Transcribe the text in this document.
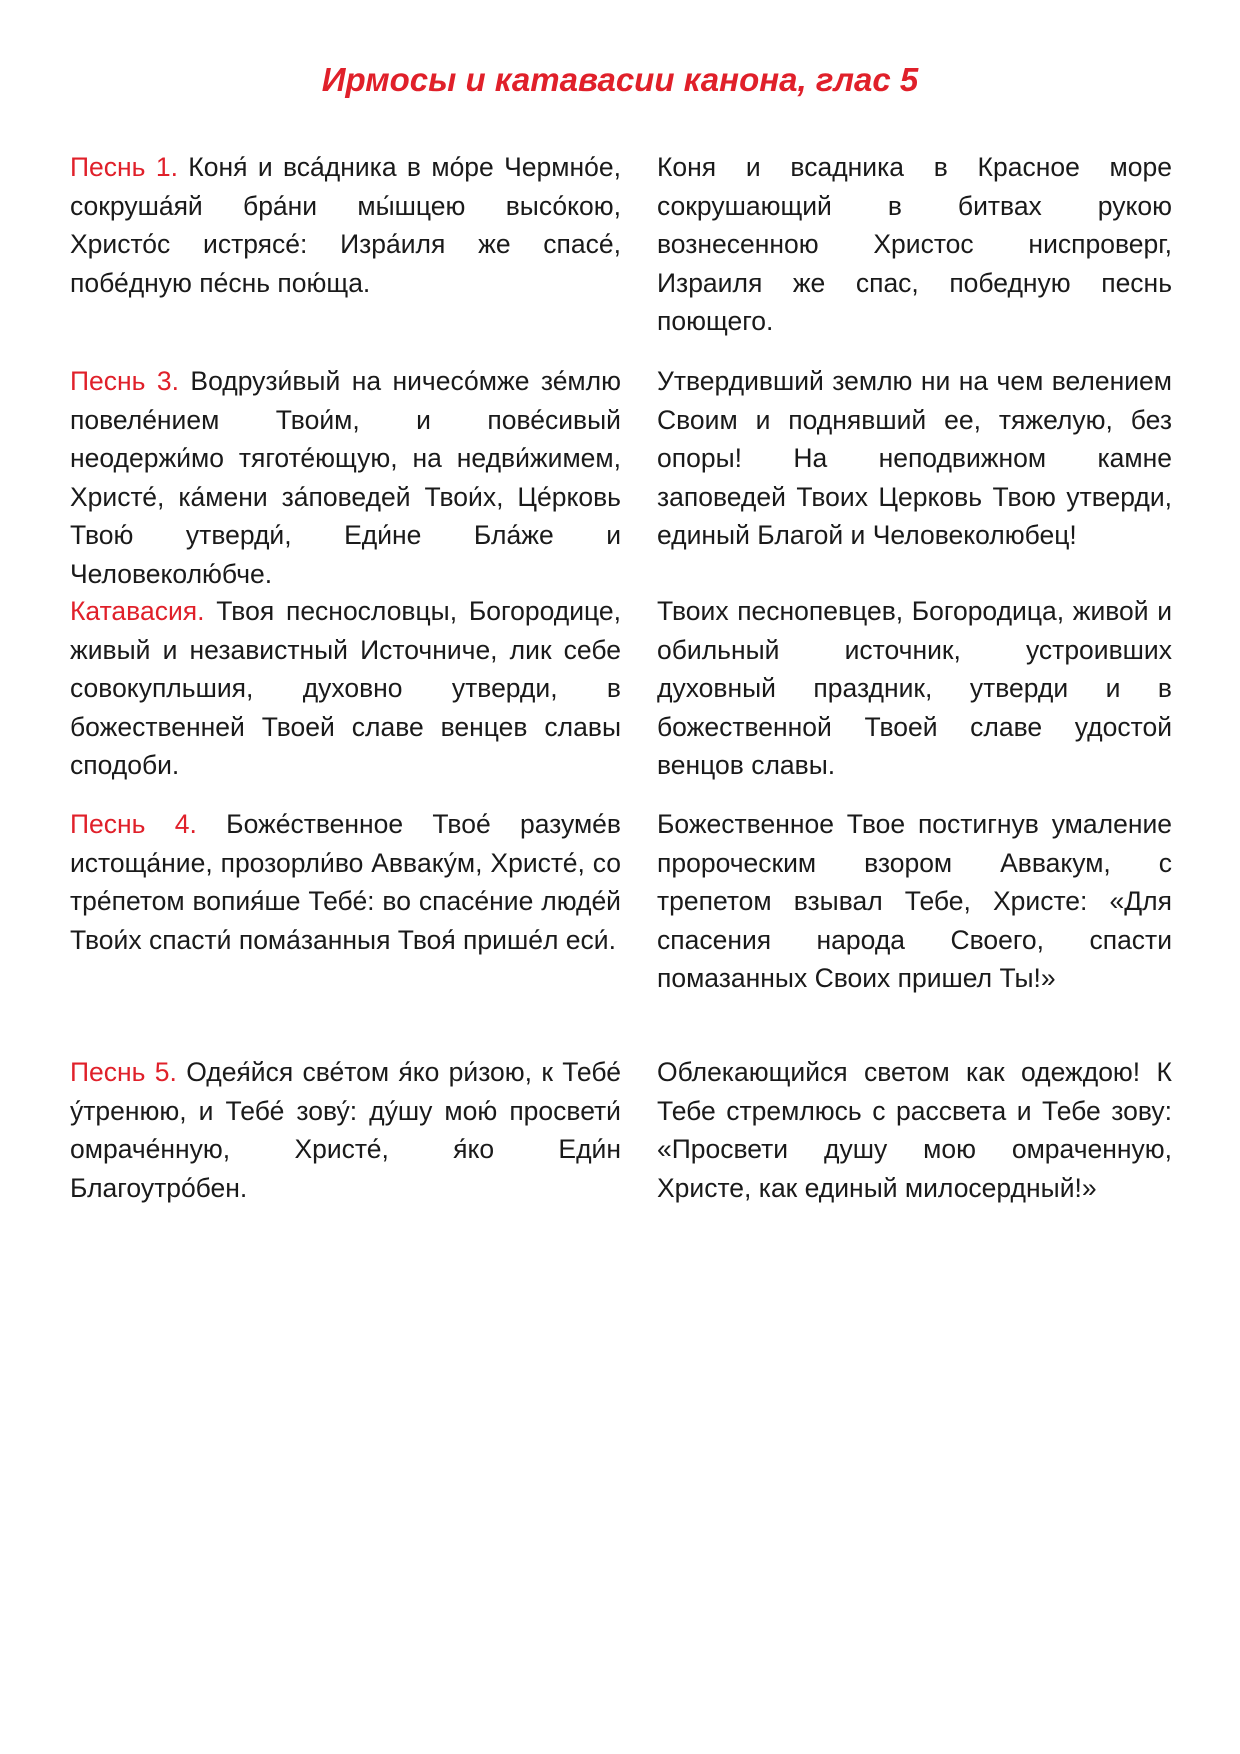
Ирмосы и катавасии канона, глас 5

Песнь 1. Коня́ и вса́дника в мо́ре Чермно́е, сокруша́яй бра́ни мы́шцею высо́кою, Христо́с истрясе́: Изра́иля же спасе́, побе́дную пе́снь пою́ща.

Коня и всадника в Красное море сокрушающий в битвах рукою вознесенною Христос ниспроверг, Израиля же спас, победную песнь поющего.

Песнь 3. Водрузи́вый на ничесо́мже зе́млю повеле́нием Твои́м, и пове́сивый неодержи́мо тяготе́ющую, на недви́жимем, Христе́, ка́мени за́поведей Твои́х, Це́рковь Твою́ утверди́, Еди́не Бла́же и Человеколю́бче.

Утвердивший землю ни на чем велением Своим и поднявший ее, тяжелую, без опоры! На неподвижном камне заповедей Твоих Церковь Твою утверди, единый Благой и Человеколюбец!

Катавасия. Твоя песнословцы, Богородице, живый и независтный Источниче, лик себе совокупльшия, духовно утверди, в божественней Твоей славе венцев славы сподоби.

Твоих песнопевцев, Богородица, живой и обильный источник, устроивших духовный праздник, утверди и в божественной Твоей славе удостой венцов славы.

Песнь 4. Боже́ственное Твое́ разуме́в истоща́ние, прозорли́во Аввaку́м, Христе́, со тре́петом вопия́ше Тебе́: во спасе́ние люде́й Твои́х спасти́ пома́занныя Твоя́ прише́л еси́.

Божественное Твое постигнув умаление пророческим взором Аввакум, с трепетом взывал Тебе, Христе: «Для спасения народа Своего, спасти помазанных Своих пришел Ты!»

Песнь 5. Одея́йся све́том я́ко ри́зою, к Тебе́ у́тренюю, и Тебе́ зову́: ду́шу мою́ просвети́ омраче́нную, Христе́, я́ко Еди́н Благоутро́бен.

Облекающийся светом как одеждою! К Тебе стремлюсь с рассвета и Тебе зову: «Просвети душу мою омраченную, Христе, как единый милосердный!»
